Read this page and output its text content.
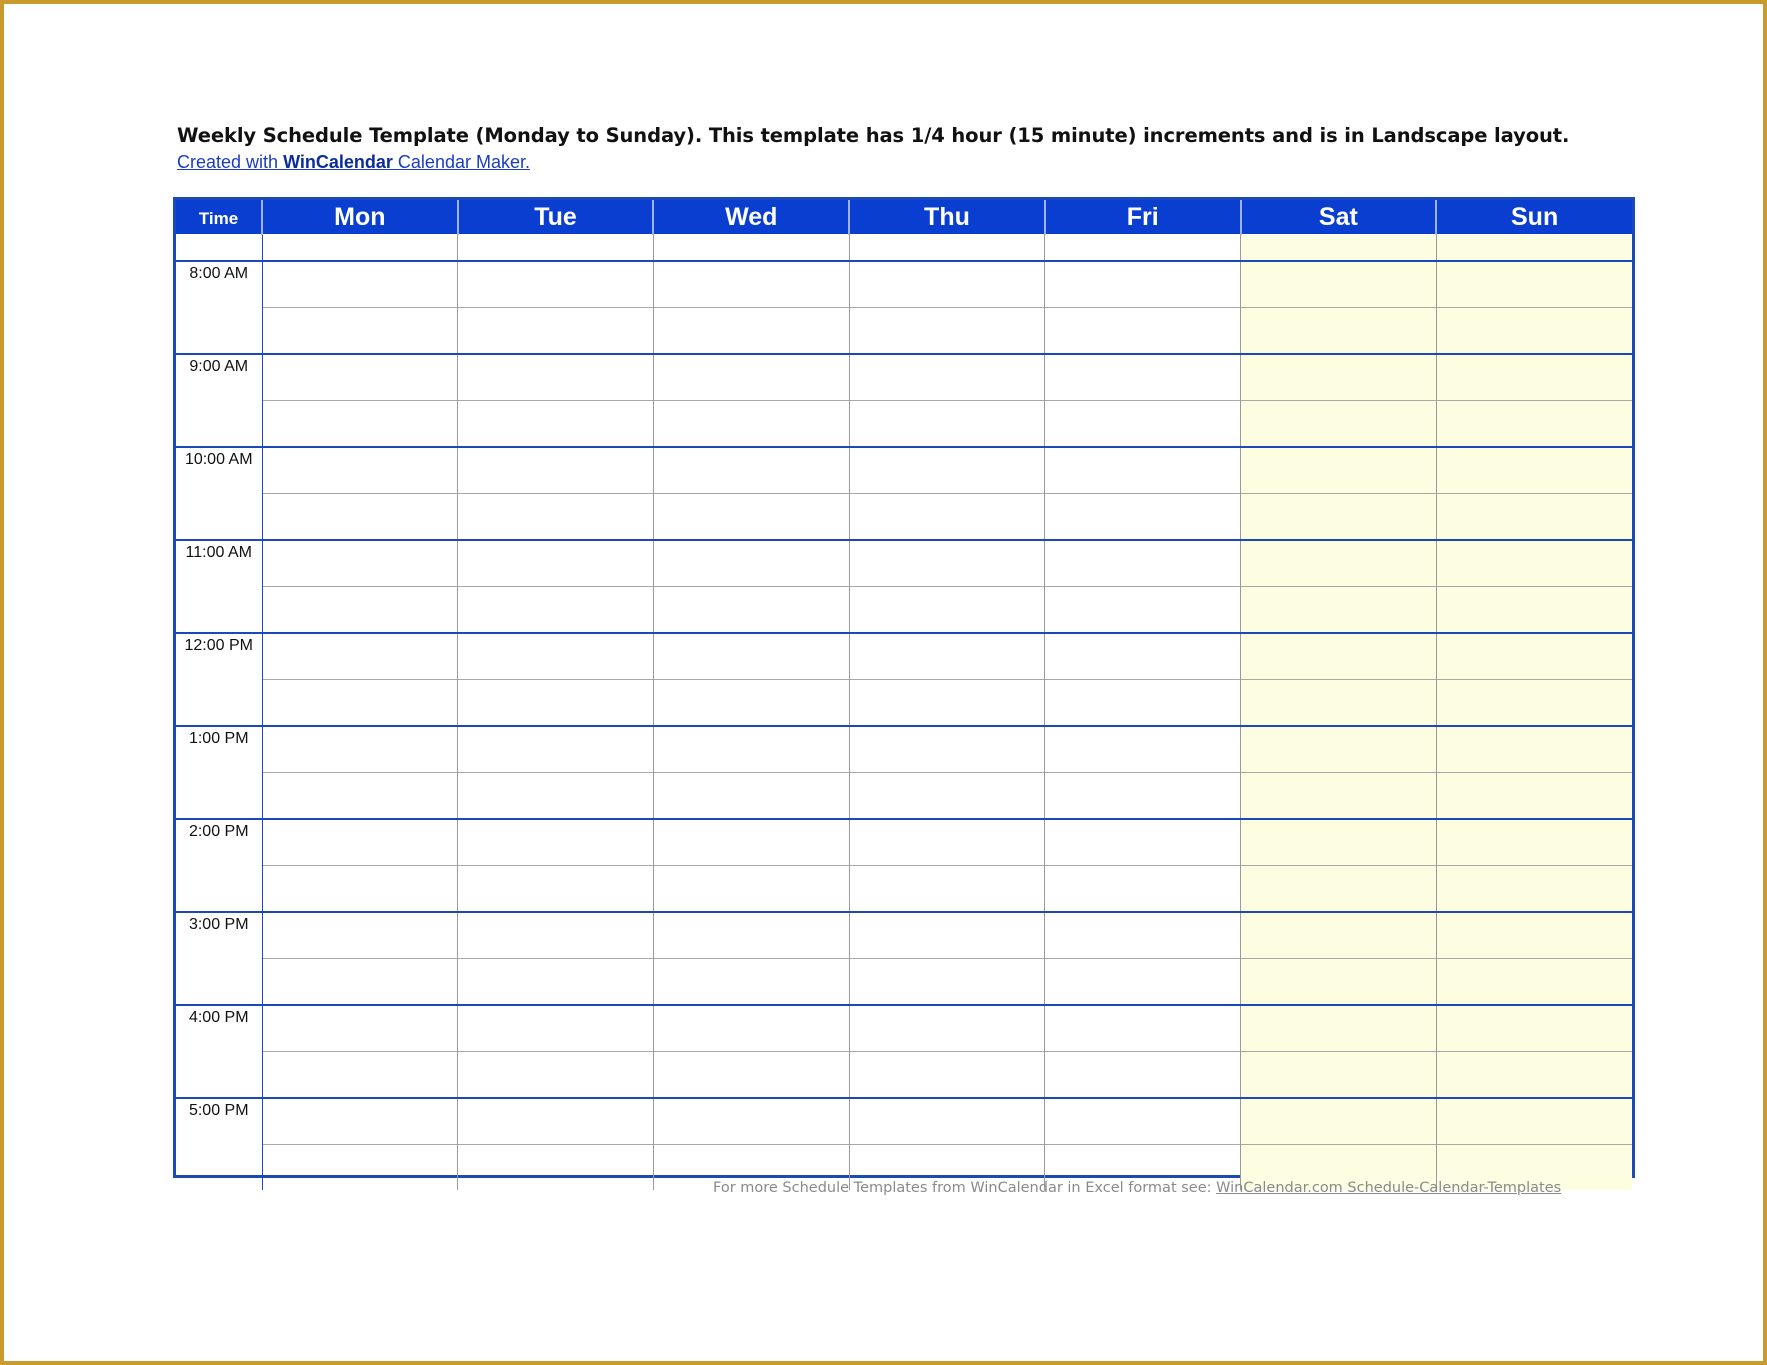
Weekly Schedule Template (Monday to Sunday). This template has 1/4 hour (15 minute) increments and is in Landscape layout.
Created with WinCalendar Calendar Maker.
Time	Mon	Tue	Wed	Thu	Fri	Sat	Sun

8:00 AM							

9:00 AM							

10:00 AM							

11:00 AM							

12:00 PM							

1:00 PM							

2:00 PM							

3:00 PM							

4:00 PM							

5:00 PM							

For more Schedule Templates from WinCalendar in Excel format see: WinCalendar.com Schedule-Calendar-Templates
